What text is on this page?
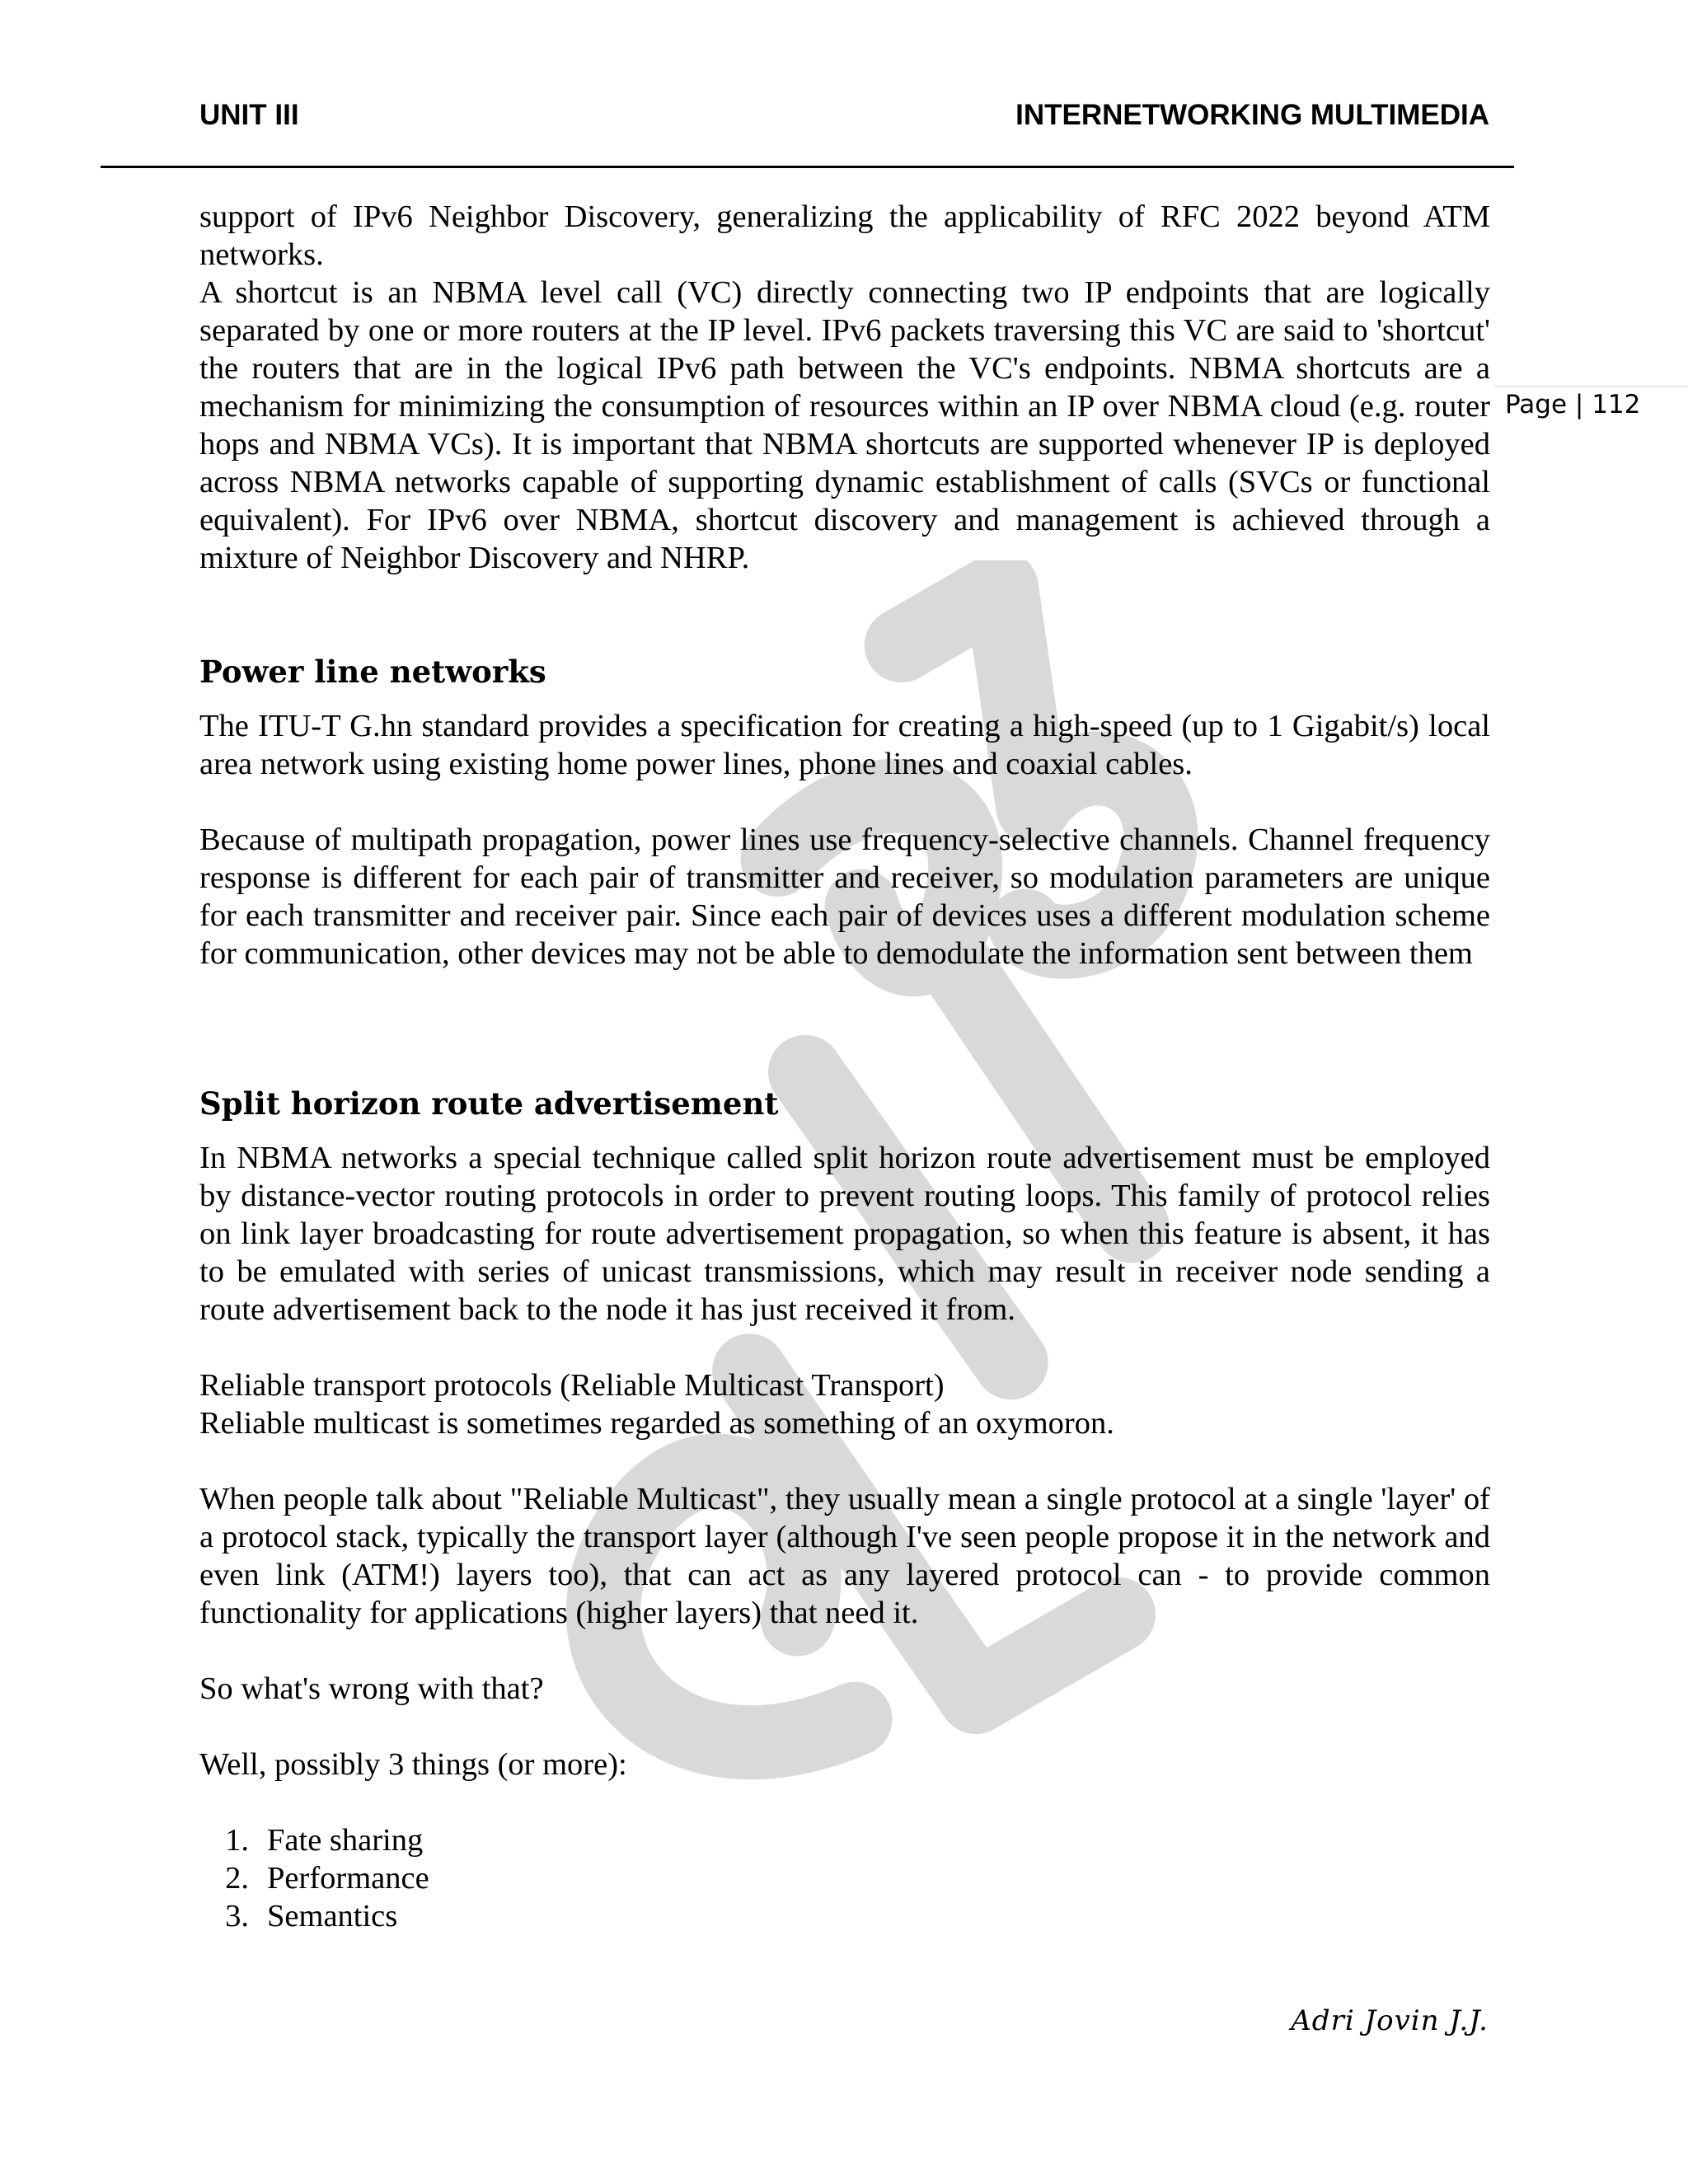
UNIT III	INTERNETWORKING MULTIMEDIA
Page | 112

support of IPv6 Neighbor Discovery, generalizing the applicability of RFC 2022 beyond ATM networks.

A shortcut is an NBMA level call (VC) directly connecting two IP endpoints that are logically separated by one or more routers at the IP level. IPv6 packets traversing this VC are said to 'shortcut' the routers that are in the logical IPv6 path between the VC's endpoints. NBMA shortcuts are a mechanism for minimizing the consumption of resources within an IP over NBMA cloud (e.g. router hops and NBMA VCs). It is important that NBMA shortcuts are supported whenever IP is deployed across NBMA networks capable of supporting dynamic establishment of calls (SVCs or functional equivalent). For IPv6 over NBMA, shortcut discovery and management is achieved through a mixture of Neighbor Discovery and NHRP.

Power line networks

The ITU-T G.hn standard provides a specification for creating a high-speed (up to 1 Gigabit/s) local area network using existing home power lines, phone lines and coaxial cables.

Because of multipath propagation, power lines use frequency-selective channels. Channel frequency response is different for each pair of transmitter and receiver, so modulation parameters are unique for each transmitter and receiver pair. Since each pair of devices uses a different modulation scheme for communication, other devices may not be able to demodulate the information sent between them

Split horizon route advertisement

In NBMA networks a special technique called split horizon route advertisement must be employed by distance-vector routing protocols in order to prevent routing loops. This family of protocol relies on link layer broadcasting for route advertisement propagation, so when this feature is absent, it has to be emulated with series of unicast transmissions, which may result in receiver node sending a route advertisement back to the node it has just received it from.

Reliable transport protocols (Reliable Multicast Transport)

Reliable multicast is sometimes regarded as something of an oxymoron.

When people talk about "Reliable Multicast", they usually mean a single protocol at a single 'layer' of a protocol stack, typically the transport layer (although I've seen people propose it in the network and even link (ATM!) layers too), that can act as any layered protocol can - to provide common functionality for applications (higher layers) that need it.

So what's wrong with that?

Well, possibly 3 things (or more):

1. Fate sharing
2. Performance
3. Semantics
Adri Jovin J.J.
